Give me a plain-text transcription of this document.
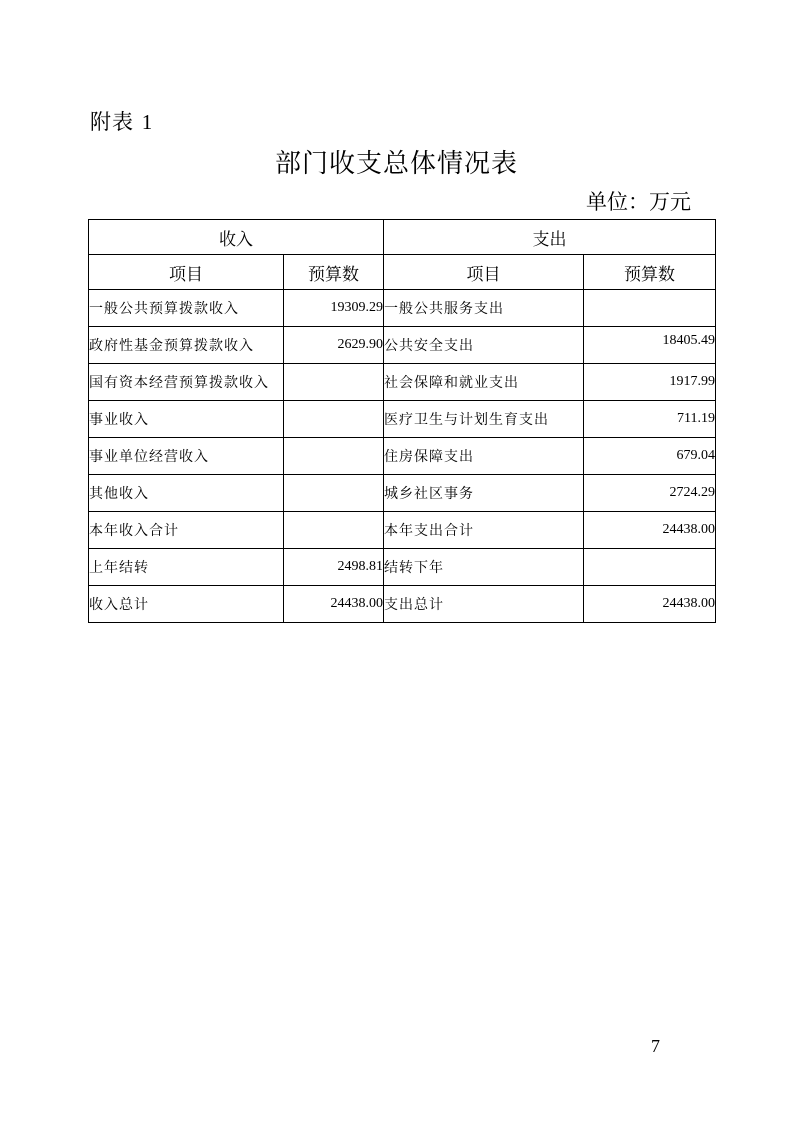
附表 1
部门收支总体情况表
单位：万元
收入		支出	
项目	预算数	项目	预算数
一般公共预算拨款收入	19309.29	一般公共服务支出	
政府性基金预算拨款收入	2629.90	公共安全支出	18405.49
国有资本经营预算拨款收入		社会保障和就业支出	1917.99
事业收入		医疗卫生与计划生育支出	711.19
事业单位经营收入		住房保障支出	679.04
其他收入		城乡社区事务	2724.29
本年收入合计		本年支出合计	24438.00
上年结转	2498.81	结转下年	
收入总计	24438.00	支出总计	24438.00
7
